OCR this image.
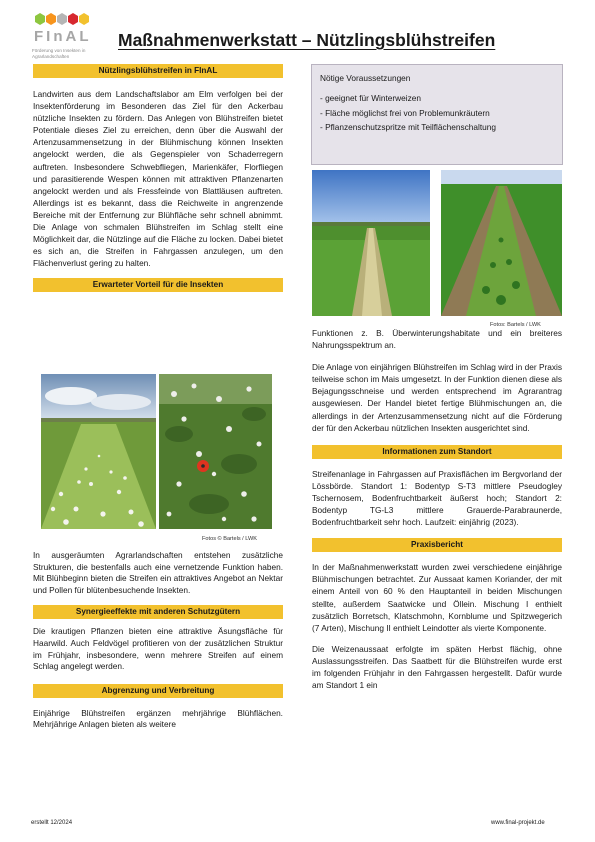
FInAL
Förderung von Insekten in Agrarlandschaften
Maßnahmenwerkstatt – Nützlingsblühstreifen
Nützlingsblühstreifen in FInAL

Landwirten aus dem Landschaftslabor am Elm verfolgen bei der Insektenförderung im Besonderen das Ziel für den Ackerbau nützliche Insekten zu fördern. Das Anlegen von Blühstreifen bietet Potentiale dieses Ziel zu erreichen, denn über die Auswahl der Artenzusammensetzung in der Blühmischung können Insekten angelockt werden, die als Gegenspieler von Schaderregern auftreten. Insbesondere Schwebfliegen, Marienkäfer, Florfliegen und parasitierende Wespen können mit attraktiven Pflanzenarten angelockt werden und als Fressfeinde von Blattläusen auftreten. Allerdings ist es bekannt, dass die Reichweite in angrenzende Bereiche mit der Entfernung zur Blühfläche sehr schnell abnimmt. Die Anlage von schmalen Blühstreifen im Schlag stellt eine Möglichkeit dar, die Nützlinge auf die Fläche zu locken. Dabei bietet es sich an, die Streifen in Fahrgassen anzulegen, um den Flächenverlust gering zu halten.

Erwarteter Vorteil für die Insekten
Fotos © Bartels / LWK

In ausgeräumten Agrarlandschaften entstehen zusätzliche Strukturen, die bestenfalls auch eine vernetzende Funktion haben. Mit Blühbeginn bieten die Streifen ein attraktives Angebot an Nektar und Pollen für blütenbesuchende Insekten.

Synergieeffekte mit anderen Schutzgütern

Die krautigen Pflanzen bieten eine attraktive Äsungsfläche für Haarwild. Auch Feldvögel profitieren von der zusätzlichen Struktur im Frühjahr, insbesondere, wenn mehrere Streifen auf einem Schlag angelegt werden.

Abgrenzung und Verbreitung

Einjährige Blühstreifen ergänzen mehrjährige Blühflächen. Mehrjährige Anlagen bieten als weitere

Nötige Voraussetzungen
- geeignet für Winterweizen
- Fläche möglichst frei von Problemunkräutern
- Pflanzenschutzspritze mit Teilflächenschaltung
Fotos: Bartels / LWK

Funktionen z. B. Überwinterungshabitate und ein breiteres Nahrungsspektrum an.

Die Anlage von einjährigen Blühstreifen im Schlag wird in der Praxis teilweise schon im Mais umgesetzt. In der Funktion dienen diese als Bejagungsschneise und werden entsprechend im Agrarantrag ausgewiesen. Der Handel bietet fertige Blühmischungen an, die allerdings in der Artenzusammensetzung nicht auf die Förderung der für den Ackerbau nützlichen Insekten ausgerichtet sind.

Informationen zum Standort

Streifenanlage in Fahrgassen auf Praxisflächen im Bergvorland der Lössbörde. Standort 1: Bodentyp S-T3 mittlere Pseudogley Tschernosem, Bodenfruchtbarkeit äußerst hoch; Standort 2: Bodentyp TG-L3 mittlere Grauerde-Parabraunerde, Bodenfruchtbarkeit sehr hoch. Laufzeit: einjährig (2023).

Praxisbericht

In der Maßnahmenwerkstatt wurden zwei verschiedene einjährige Blühmischungen betrachtet. Zur Aussaat kamen Koriander, der mit einem Anteil von 60 % den Hauptanteil in beiden Mischungen stellte, außerdem Saatwicke und Öllein. Mischung I enthielt zusätzlich Borretsch, Klatschmohn, Kornblume und Spitzwegerich (7 Arten), Mischung II enthielt Leindotter als vierte Komponente.

Die Weizenaussaat erfolgte im späten Herbst flächig, ohne Auslassungsstreifen. Das Saatbett für die Blühstreifen wurde erst im folgenden Frühjahr in den Fahrgassen hergestellt. Dafür wurde am Standort 1 ein

erstellt 12/2024	www.final-projekt.de
